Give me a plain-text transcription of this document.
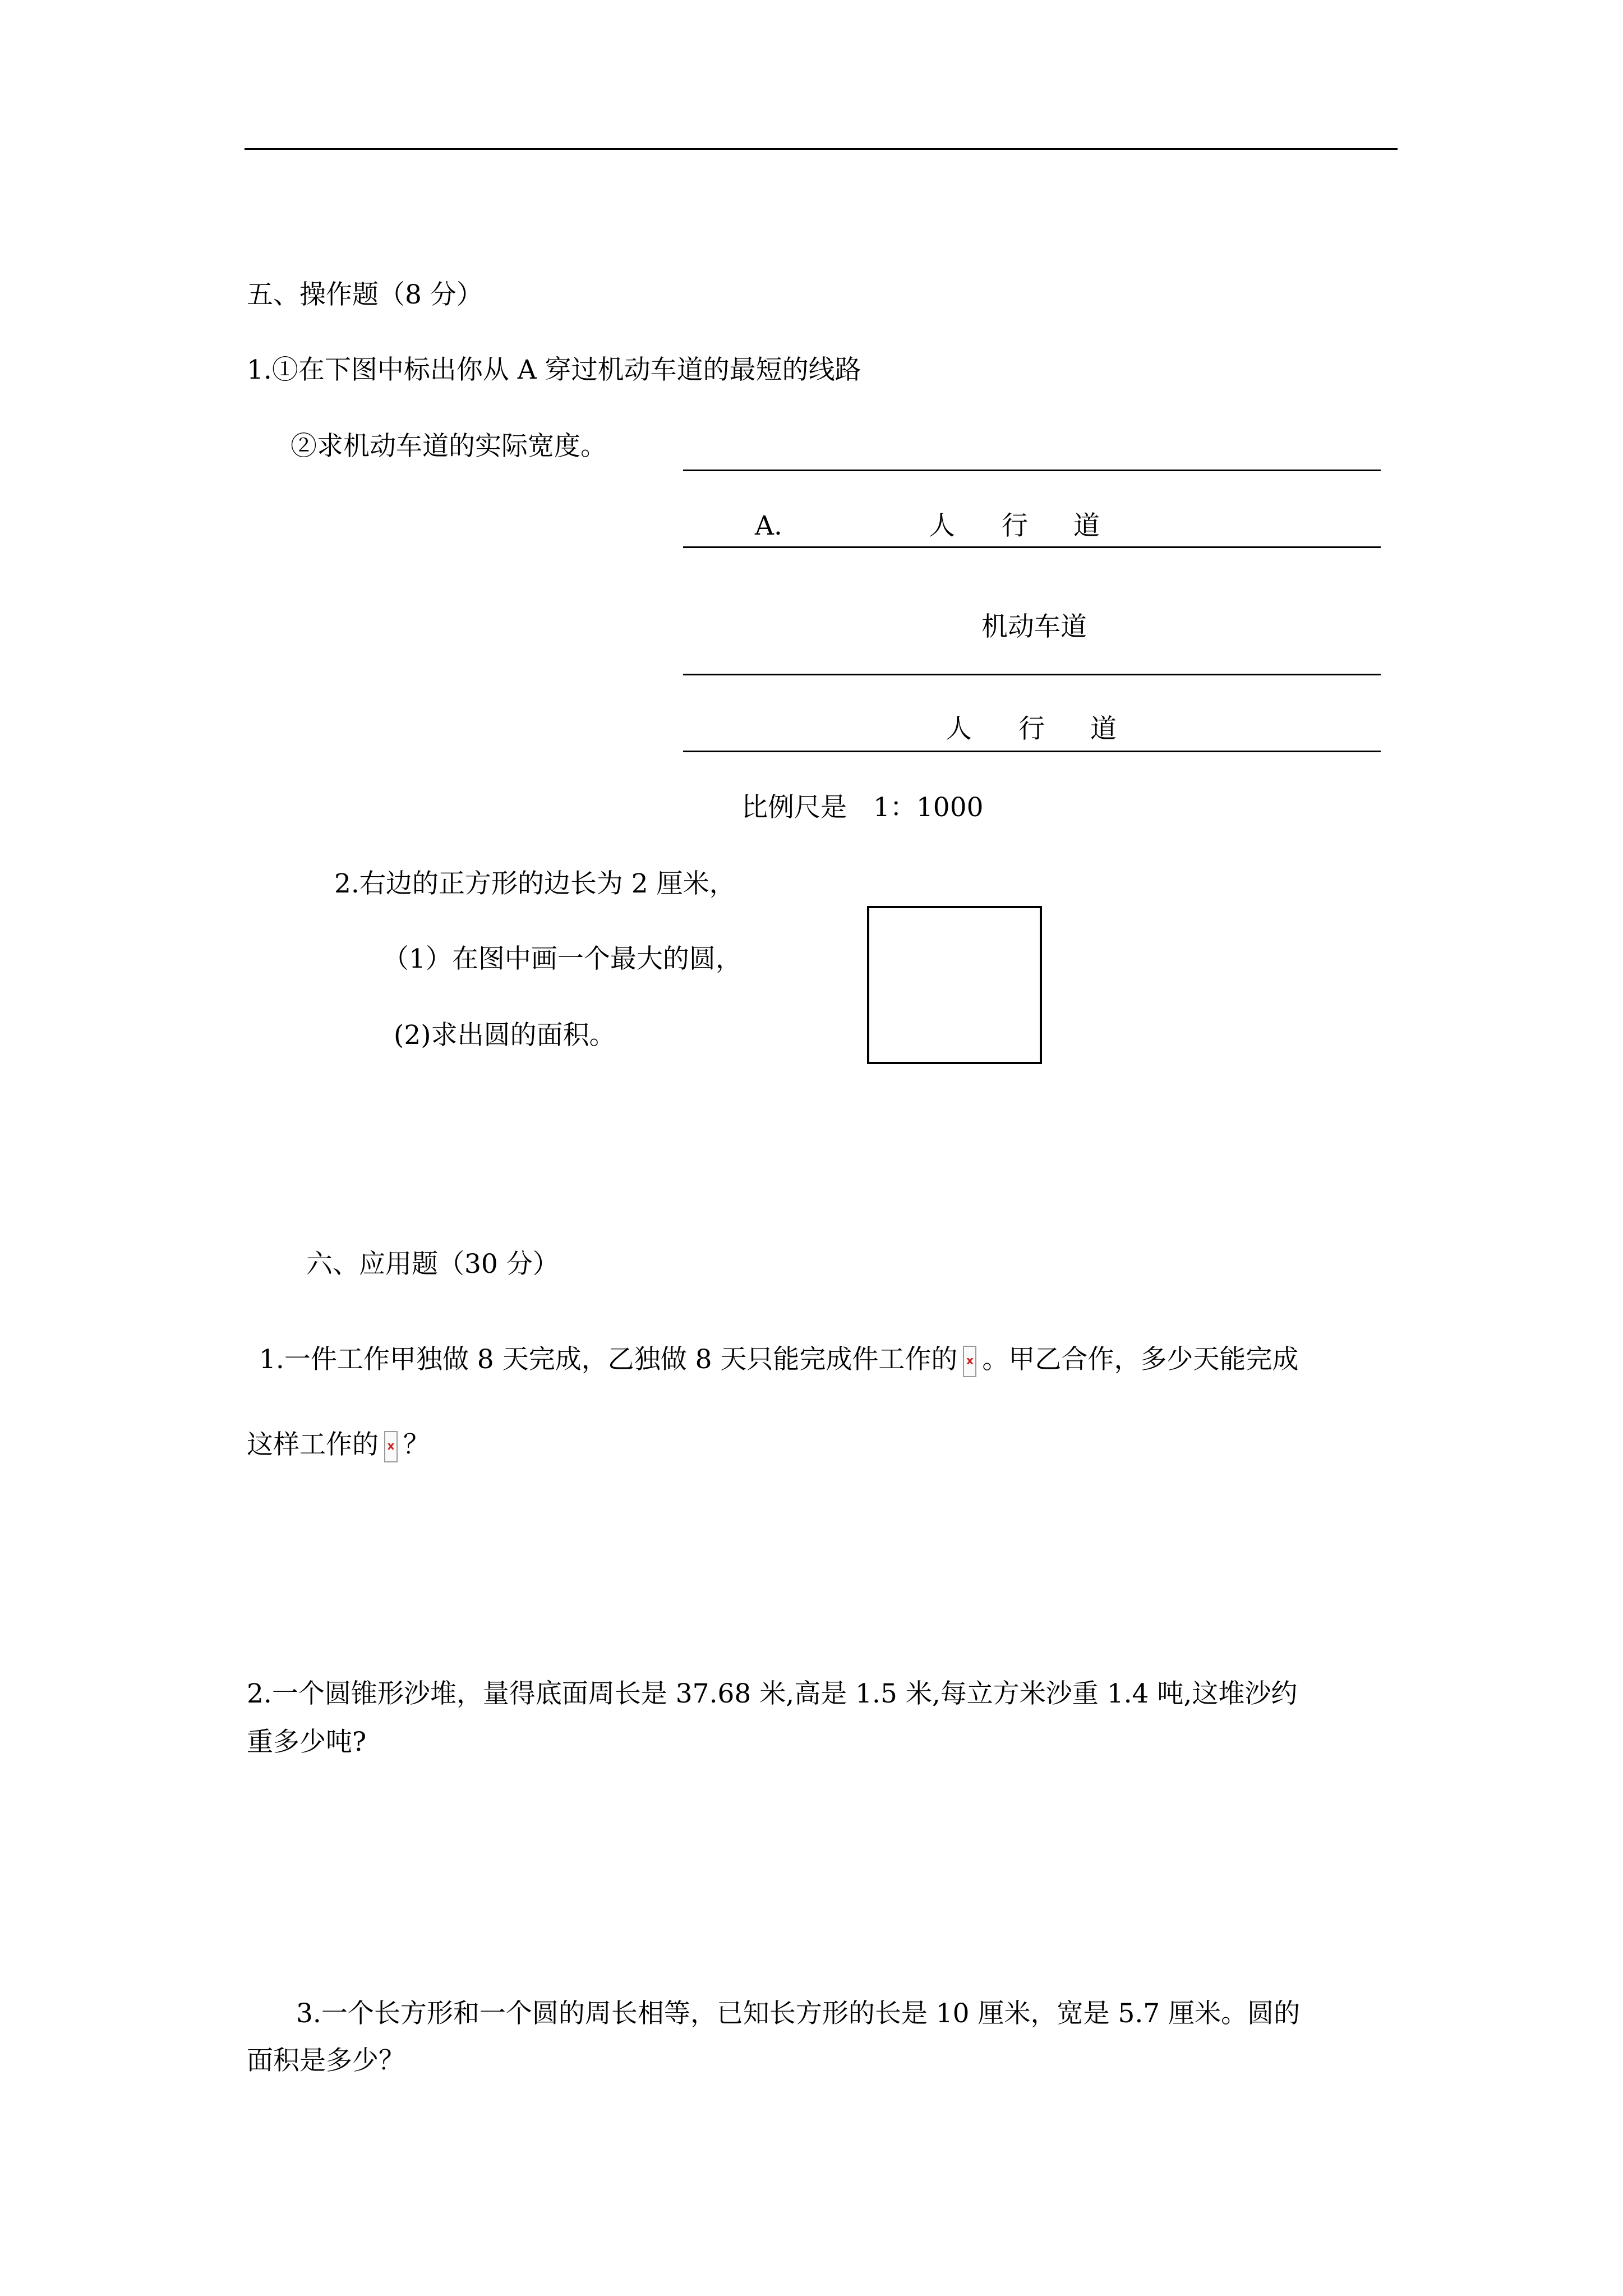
五、操作题（8 分）
1.①在下图中标出你从 A 穿过机动车道的最短的线路
②求机动车道的实际宽度。
A.	人 行 道
机动车道
人 行 道
比例尺是　1：1000
2.右边的正方形的边长为 2 厘米，
（1）在图中画一个最大的圆，
(2)求出圆的面积。
六、应用题（30 分）
1.一件工作甲独做 8 天完成，乙独做 8 天只能完成件工作的 x 。甲乙合作，多少天能完成
这样工作的 x ？
2.一个圆锥形沙堆，量得底面周长是 37.68 米,高是 1.5 米,每立方米沙重 1.4 吨,这堆沙约
重多少吨?
3.一个长方形和一个圆的周长相等，已知长方形的长是 10 厘米，宽是 5.7 厘米。圆的
面积是多少？
